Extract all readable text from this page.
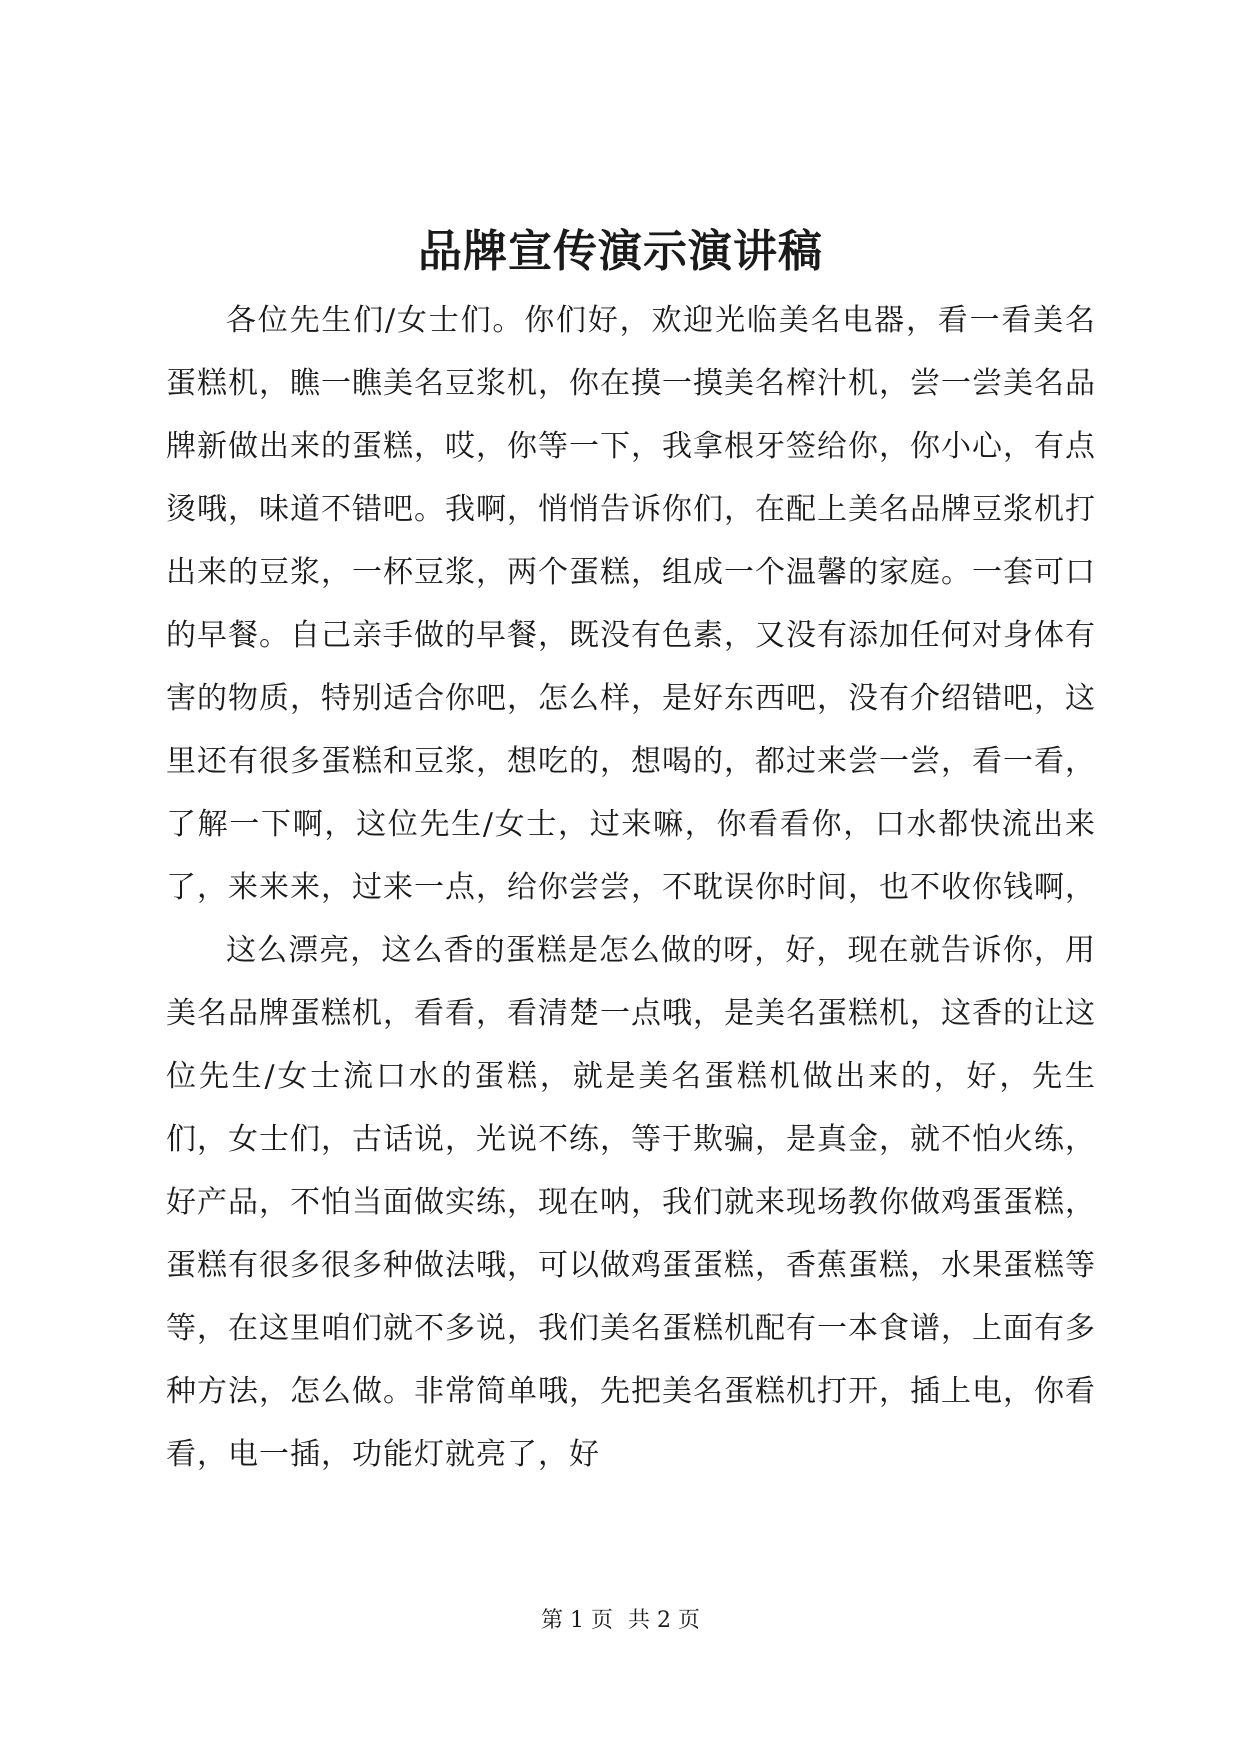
品牌宣传演示演讲稿

各位先生们/女士们。你们好，欢迎光临美名电器，看一看美名蛋糕机，瞧一瞧美名豆浆机，你在摸一摸美名榨汁机，尝一尝美名品牌新做出来的蛋糕，哎，你等一下，我拿根牙签给你，你小心，有点烫哦，味道不错吧。我啊，悄悄告诉你们，在配上美名品牌豆浆机打出来的豆浆，一杯豆浆，两个蛋糕，组成一个温馨的家庭。一套可口的早餐。自己亲手做的早餐，既没有色素，又没有添加任何对身体有害的物质，特别适合你吧，怎么样，是好东西吧，没有介绍错吧，这里还有很多蛋糕和豆浆，想吃的，想喝的，都过来尝一尝，看一看，了解一下啊，这位先生/女士，过来嘛，你看看你，口水都快流出来了，来来来，过来一点，给你尝尝，不耽误你时间，也不收你钱啊，

这么漂亮，这么香的蛋糕是怎么做的呀，好，现在就告诉你，用美名品牌蛋糕机，看看，看清楚一点哦，是美名蛋糕机，这香的让这位先生/女士流口水的蛋糕，就是美名蛋糕机做出来的，好，先生们，女士们，古话说，光说不练，等于欺骗，是真金，就不怕火练，好产品，不怕当面做实练，现在呐，我们就来现场教你做鸡蛋蛋糕，蛋糕有很多很多种做法哦，可以做鸡蛋蛋糕，香蕉蛋糕，水果蛋糕等等，在这里咱们就不多说，我们美名蛋糕机配有一本食谱，上面有多种方法，怎么做。非常简单哦，先把美名蛋糕机打开，插上电，你看看，电一插，功能灯就亮了，好

第 1 页 共 2 页
